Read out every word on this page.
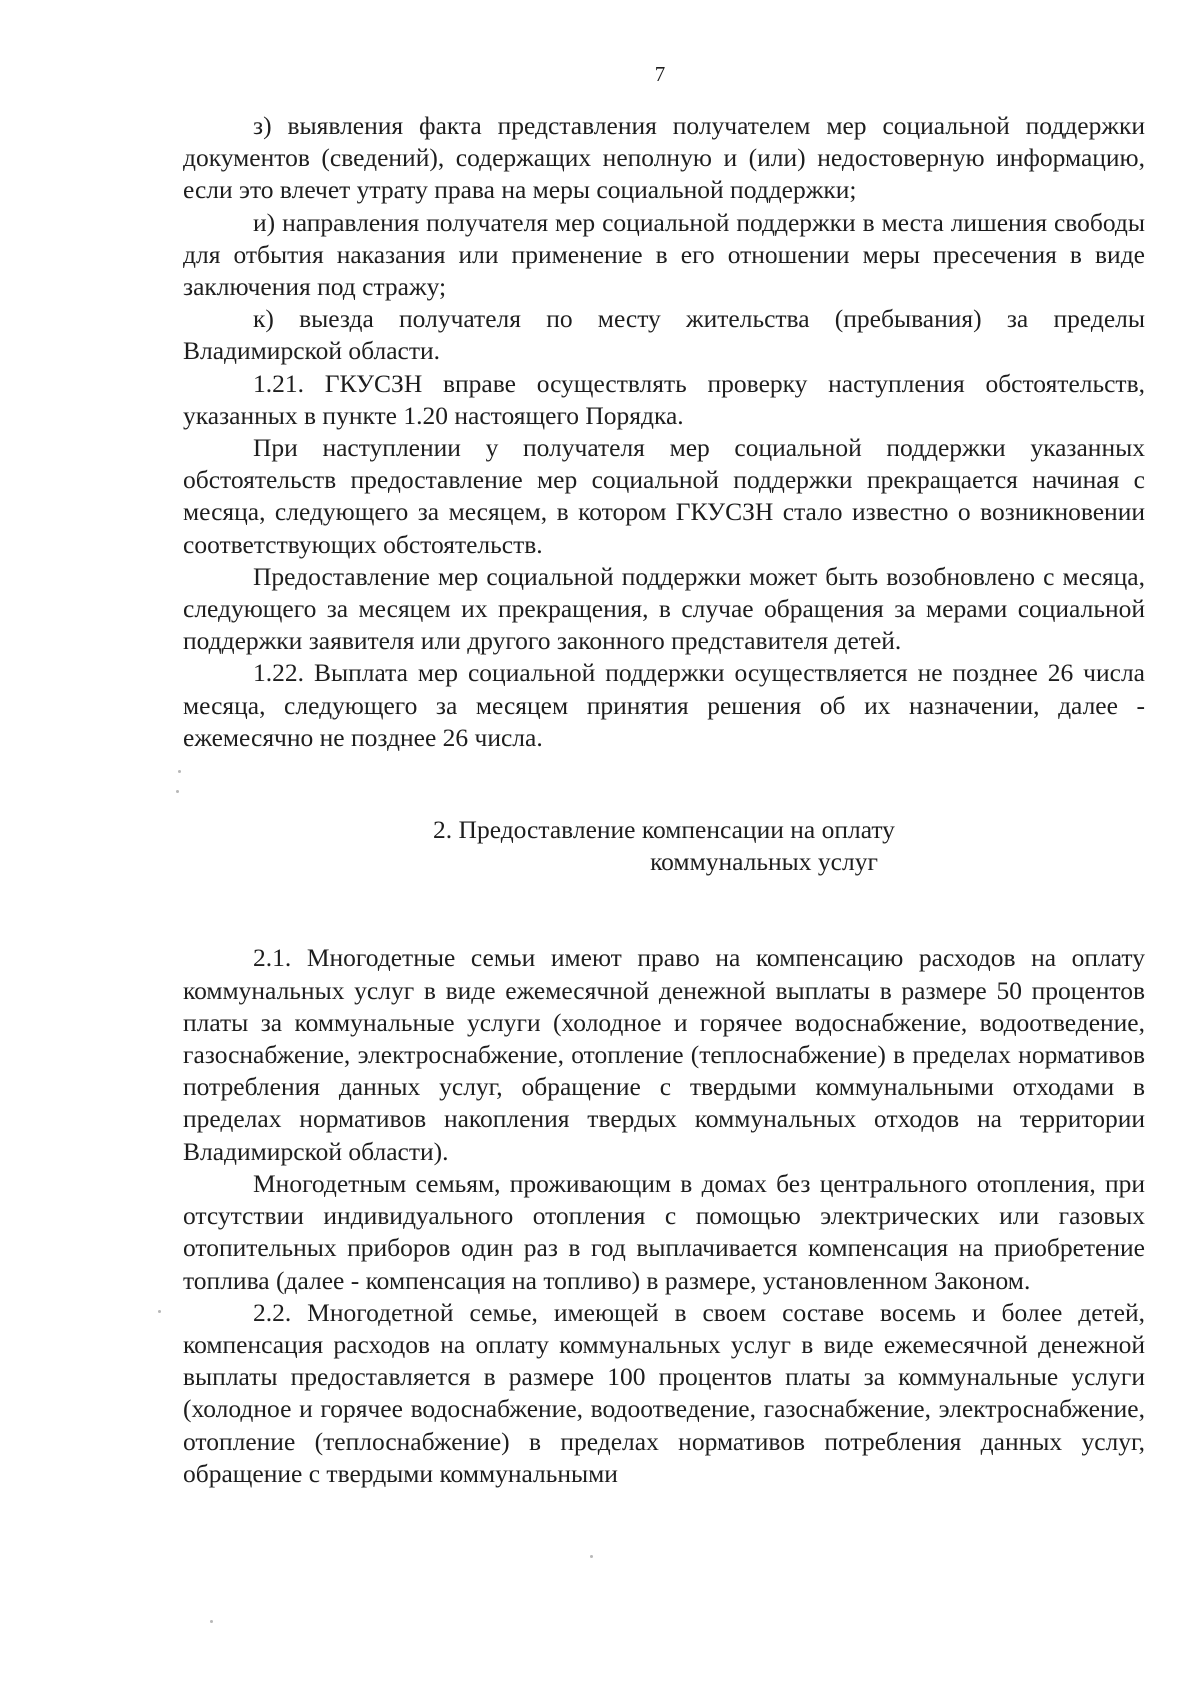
7

з) выявления факта представления получателем мер социальной поддержки документов (сведений), содержащих неполную и (или) недостоверную информацию, если это влечет утрату права на меры социальной поддержки;

и) направления получателя мер социальной поддержки в места лишения свободы для отбытия наказания или применение в его отношении меры пресечения в виде заключения под стражу;

к) выезда получателя по месту жительства (пребывания) за пределы Владимирской области.

1.21. ГКУСЗН вправе осуществлять проверку наступления обстоятельств, указанных в пункте 1.20 настоящего Порядка.

При наступлении у получателя мер социальной поддержки указанных обстоятельств предоставление мер социальной поддержки прекращается начиная с месяца, следующего за месяцем, в котором ГКУСЗН стало известно о возникновении соответствующих обстоятельств.

Предоставление мер социальной поддержки может быть возобновлено с месяца, следующего за месяцем их прекращения, в случае обращения за мерами социальной поддержки заявителя или другого законного представителя детей.

1.22. Выплата мер социальной поддержки осуществляется не позднее 26 числа месяца, следующего за месяцем принятия решения об их назначении, далее - ежемесячно не позднее 26 числа.

2. Предоставление компенсации на оплату
коммунальных услуг

2.1. Многодетные семьи имеют право на компенсацию расходов на оплату коммунальных услуг в виде ежемесячной денежной выплаты в размере 50 процентов платы за коммунальные услуги (холодное и горячее водоснабжение, водоотведение, газоснабжение, электроснабжение, отопление (теплоснабжение) в пределах нормативов потребления данных услуг, обращение с твердыми коммунальными отходами в пределах нормативов накопления твердых коммунальных отходов на территории Владимирской области).

Многодетным семьям, проживающим в домах без центрального отопления, при отсутствии индивидуального отопления с помощью электрических или газовых отопительных приборов один раз в год выплачивается компенсация на приобретение топлива (далее - компенсация на топливо) в размере, установленном Законом.

2.2. Многодетной семье, имеющей в своем составе восемь и более детей, компенсация расходов на оплату коммунальных услуг в виде ежемесячной денежной выплаты предоставляется в размере 100 процентов платы за коммунальные услуги (холодное и горячее водоснабжение, водоотведение, газоснабжение, электроснабжение, отопление (теплоснабжение) в пределах нормативов потребления данных услуг, обращение с твердыми коммунальными
